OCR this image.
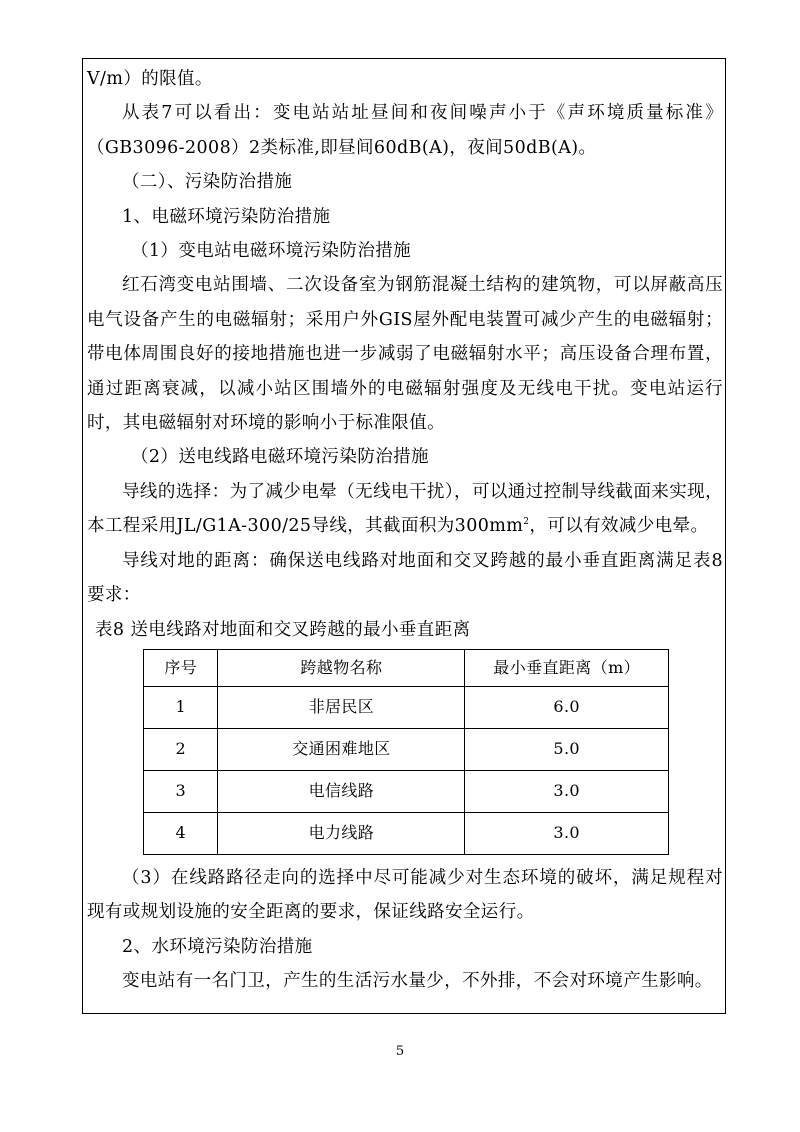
V/m）的限值。

从表7可以看出：变电站站址昼间和夜间噪声小于《声环境质量标准》（GB3096-2008）2类标准,即昼间60dB(A)，夜间50dB(A)。

（二）、污染防治措施

1、电磁环境污染防治措施

（1）变电站电磁环境污染防治措施

红石湾变电站围墙、二次设备室为钢筋混凝土结构的建筑物，可以屏蔽高压电气设备产生的电磁辐射；采用户外GIS屋外配电装置可减少产生的电磁辐射；带电体周围良好的接地措施也进一步减弱了电磁辐射水平；高压设备合理布置，通过距离衰减，以减小站区围墙外的电磁辐射强度及无线电干扰。变电站运行时，其电磁辐射对环境的影响小于标准限值。

（2）送电线路电磁环境污染防治措施

导线的选择：为了减少电晕（无线电干扰），可以通过控制导线截面来实现，本工程采用JL/G1A-300/25导线，其截面积为$300mm^2$，可以有效减少电晕。

导线对地的距离：确保送电线路对地面和交叉跨越的最小垂直距离满足表8要求：

表8 送电线路对地面和交叉跨越的最小垂直距离

序号	跨越物名称	最小垂直距离（m）
1	非居民区	6.0
2	交通困难地区	5.0
3	电信线路	3.0
4	电力线路	3.0

（3）在线路路径走向的选择中尽可能减少对生态环境的破坏，满足规程对现有或规划设施的安全距离的要求，保证线路安全运行。

2、水环境污染防治措施

变电站有一名门卫，产生的生活污水量少，不外排，不会对环境产生影响。

5
